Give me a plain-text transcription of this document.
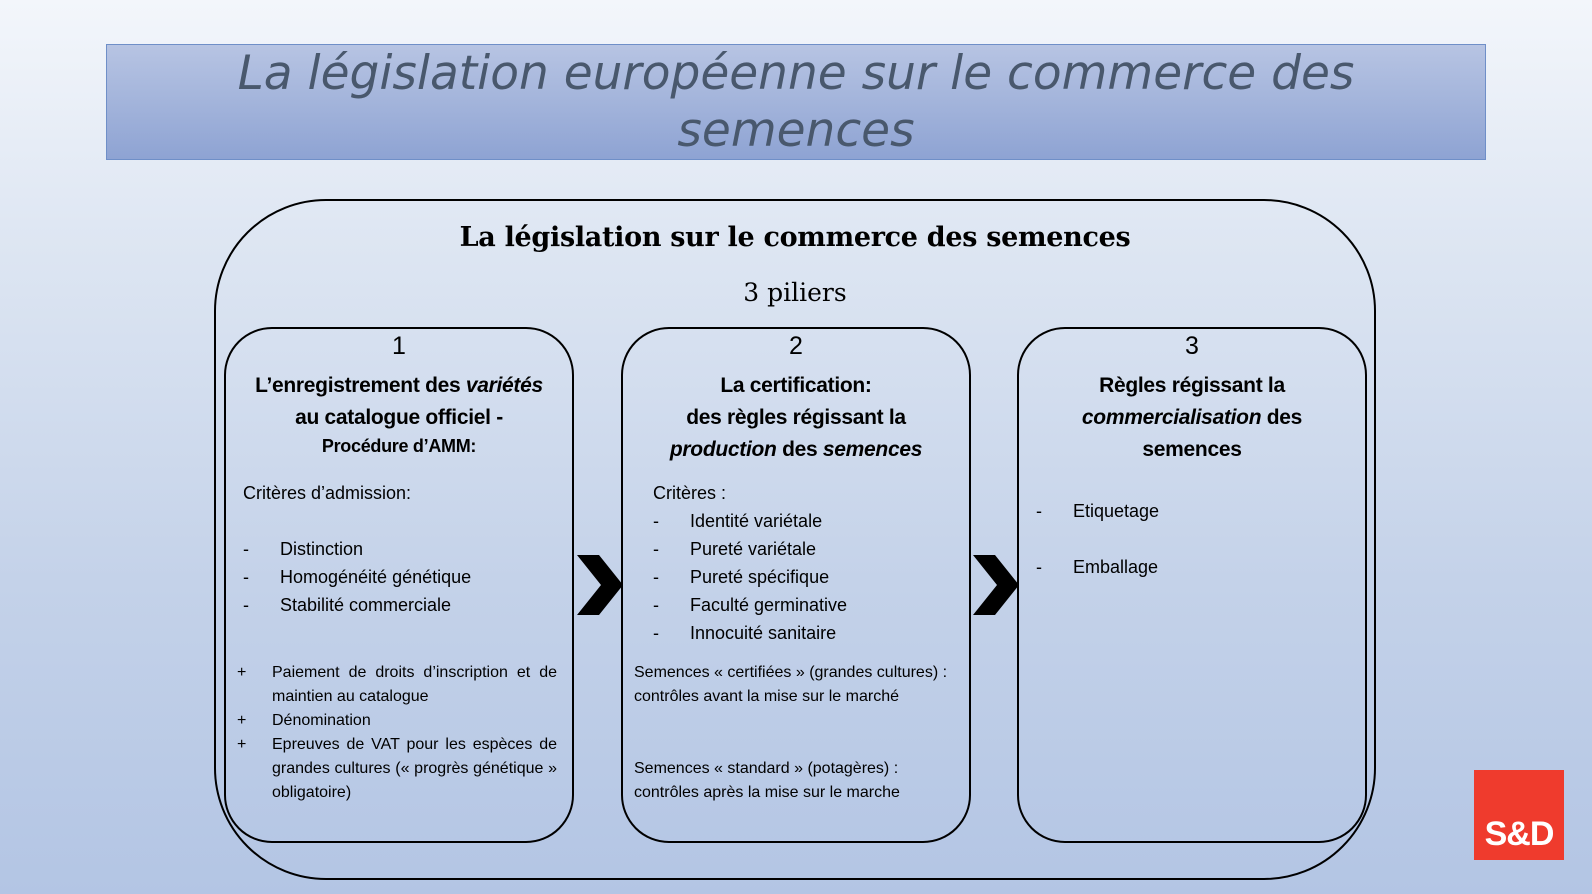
La législation européenne sur le commerce des semences
La législation sur le commerce des semences
3 piliers
1
L’enregistrement des variétés
au catalogue officiel -
Procédure d’AMM:
Critères d’admission:
- Distinction
- Homogénéité génétique
- Stabilité commerciale
+ Paiement de droits d’inscription et de maintien au catalogue
+ Dénomination
+ Epreuves de VAT pour les espèces de grandes cultures (« progrès génétique » obligatoire)
2
La certification:
des règles régissant la
production des semences
Critères :
- Identité variétale
- Pureté variétale
- Pureté spécifique
- Faculté germinative
- Innocuité sanitaire
Semences « certifiées » (grandes cultures) : contrôles avant la mise sur le marché
Semences « standard » (potagères) : contrôles après la mise sur le marche
3
Règles régissant la
commercialisation des
semences
- Etiquetage
- Emballage
S&D
